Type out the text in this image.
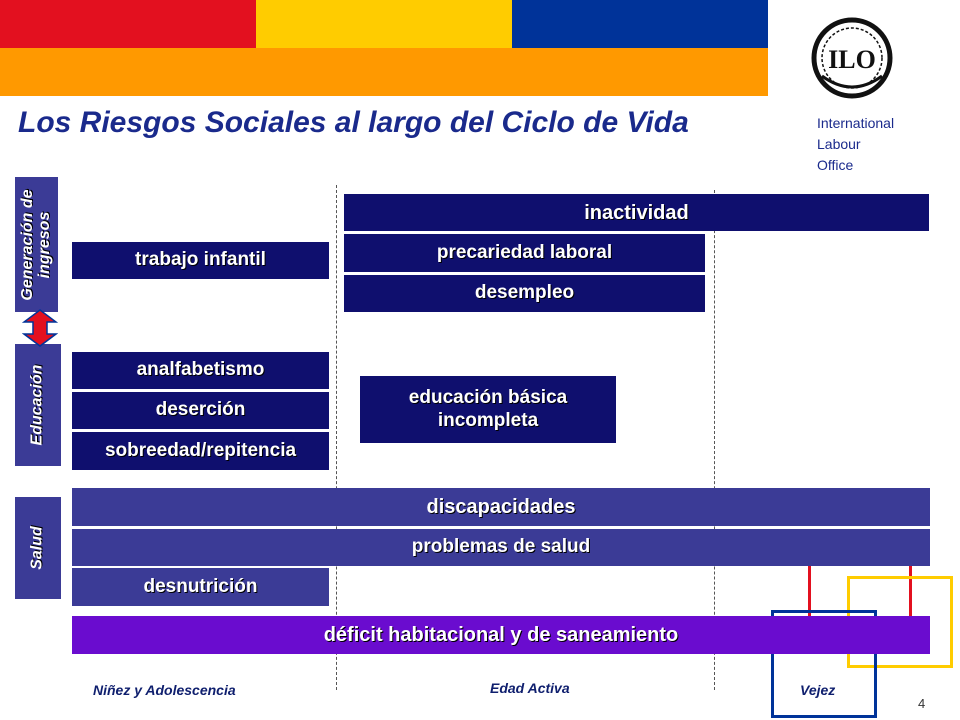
ILO
International
Labour
Office
Los Riesgos Sociales al largo del Ciclo de Vida
Generación de ingresos
Educación
Salud
inactividad
precariedad laboral
desempleo
trabajo infantil
analfabetismo
deserción
sobreedad/repitencia
educación básica incompleta
discapacidades
problemas de salud
desnutrición
déficit habitacional y de saneamiento
Niñez y Adolescencia	Edad Activa	Vejez
4
